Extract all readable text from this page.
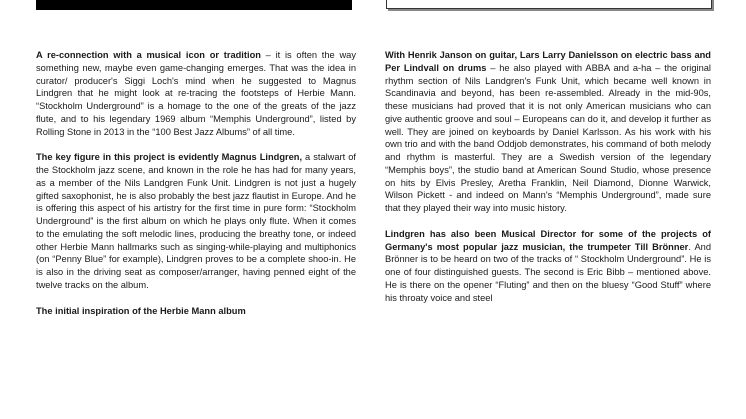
A re-connection with a musical icon or tradition – it is often the way something new, maybe even game-changing emerges. That was the idea in curator/ producer's Siggi Loch's mind when he suggested to Magnus Lindgren that he might look at re-tracing the footsteps of Herbie Mann. “Stockholm Underground” is a homage to the one of the greats of the jazz flute, and to his legendary 1969 album “Memphis Underground”, listed by Rolling Stone in 2013 in the “100 Best Jazz Albums” of all time.

The key figure in this project is evidently Magnus Lindgren, a stalwart of the Stockholm jazz scene, and known in the role he has had for many years, as a member of the Nils Landgren Funk Unit. Lindgren is not just a hugely gifted saxophonist, he is also probably the best jazz flautist in Europe. And he is offering this aspect of his artistry for the first time in pure form: “Stockholm Underground” is the first album on which he plays only flute. When it comes to the emulating the soft melodic lines, producing the breathy tone, or indeed other Herbie Mann hallmarks such as singing-while-playing and multiphonics (on “Penny Blue” for example), Lindgren proves to be a complete shoo-in. He is also in the driving seat as composer/arranger, having penned eight of the twelve tracks on the album.

The initial inspiration of the Herbie Mann album

With Henrik Janson on guitar, Lars Larry Danielsson on electric bass and Per Lindvall on drums – he also played with ABBA and a-ha – the original rhythm section of Nils Landgren's Funk Unit, which became well known in Scandinavia and beyond, has been re-assembled. Already in the mid-90s, these musicians had proved that it is not only American musicians who can give authentic groove and soul – Europeans can do it, and develop it further as well. They are joined on keyboards by Daniel Karlsson. As his work with his own trio and with the band Oddjob demonstrates, his command of both melody and rhythm is masterful. They are a Swedish version of the legendary “Memphis boys”, the studio band at American Sound Studio, whose presence on hits by Elvis Presley, Aretha Franklin, Neil Diamond, Dionne Warwick, Wilson Pickett - and indeed on Mann's “Memphis Underground”, made sure that they played their way into music history.

Lindgren has also been Musical Director for some of the projects of Germany's most popular jazz musician, the trumpeter Till Brönner. And Brönner is to be heard on two of the tracks of “ Stockholm Underground”. He is one of four distinguished guests. The second is Eric Bibb – mentioned above. He is there on the opener “Fluting” and then on the bluesy “Good Stuff” where his throaty voice and steel
